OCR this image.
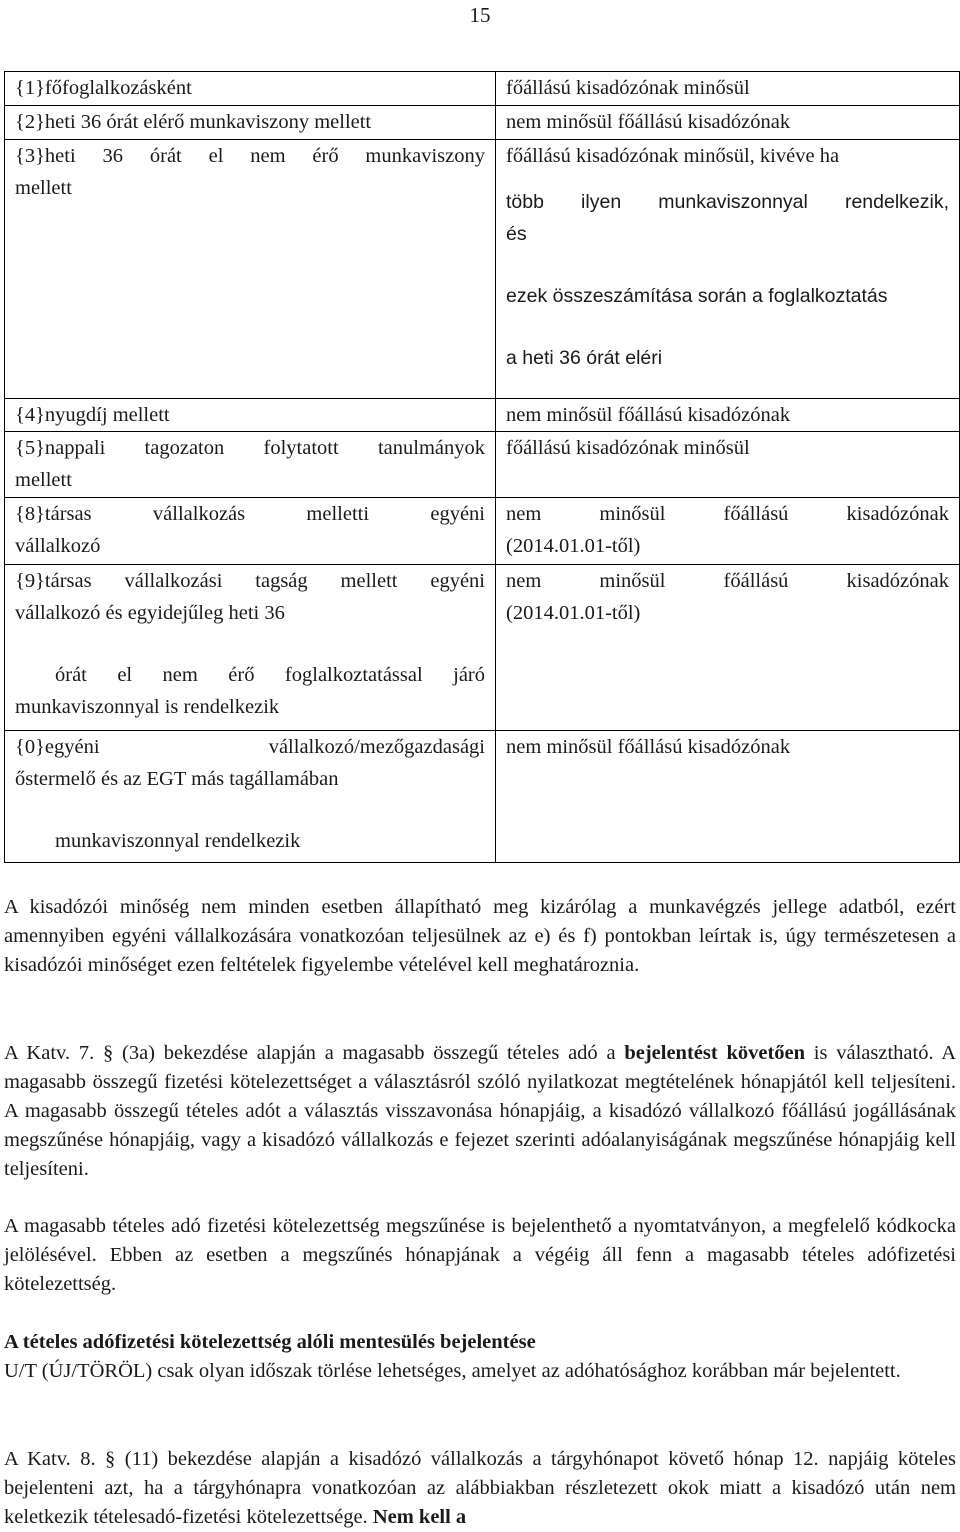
15
{1}főfoglalkozásként	főállású kisadózónak minősül

{2}heti 36 órát elérő munkaviszony mellett	nem minősül főállású kisadózónak

{3}heti 36 órát el nem érő munkaviszony
mellett	főállású kisadózónak minősül, kivéve ha
több ilyen munkaviszonnyal rendelkezik,
és
ezek összeszámítása során a foglalkoztatás
a heti 36 órát eléri

{4}nyugdíj mellett	nem minősül főállású kisadózónak

{5}nappali tagozaton folytatott tanulmányok
mellett	főállású kisadózónak minősül

{8}társas vállalkozás melletti egyéni
vállalkozó	nem minősül főállású kisadózónak
(2014.01.01-től)

{9}társas vállalkozási tagság mellett egyéni
vállalkozó és egyidejűleg heti 36
órát el nem érő foglalkoztatással járó
munkaviszonnyal is rendelkezik	nem minősül főállású kisadózónak
(2014.01.01-től)

{0}egyéni vállalkozó/mezőgazdasági
őstermelő és az EGT más tagállamában
munkaviszonnyal rendelkezik	nem minősül főállású kisadózónak

A kisadózói minőség nem minden esetben állapítható meg kizárólag a munkavégzés jellege adatból, ezért amennyiben egyéni vállalkozására vonatkozóan teljesülnek az e) és f) pontokban leírtak is, úgy természetesen a kisadózói minőséget ezen feltételek figyelembe vételével kell meghatároznia.

A Katv. 7. § (3a) bekezdése alapján a magasabb összegű tételes adó a bejelentést követően is választható. A magasabb összegű fizetési kötelezettséget a választásról szóló nyilatkozat megtételének hónapjától kell teljesíteni. A magasabb összegű tételes adót a választás visszavonása hónapjáig, a kisadózó vállalkozó főállású jogállásának megszűnése hónapjáig, vagy a kisadózó vállalkozás e fejezet szerinti adóalanyiságának megszűnése hónapjáig kell teljesíteni.

A magasabb tételes adó fizetési kötelezettség megszűnése is bejelenthető a nyomtatványon, a megfelelő kódkocka jelölésével. Ebben az esetben a megszűnés hónapjának a végéig áll fenn a magasabb tételes adófizetési kötelezettség.

A tételes adófizetési kötelezettség alóli mentesülés bejelentése

U/T (ÚJ/TÖRÖL) csak olyan időszak törlése lehetséges, amelyet az adóhatósághoz korábban már bejelentett.

A Katv. 8. § (11) bekezdése alapján a kisadózó vállalkozás a tárgyhónapot követő hónap 12. napjáig köteles bejelenteni azt, ha a tárgyhónapra vonatkozóan az alábbiakban részletezett okok miatt a kisadózó után nem keletkezik tételesadó-fizetési kötelezettsége. Nem kell a
